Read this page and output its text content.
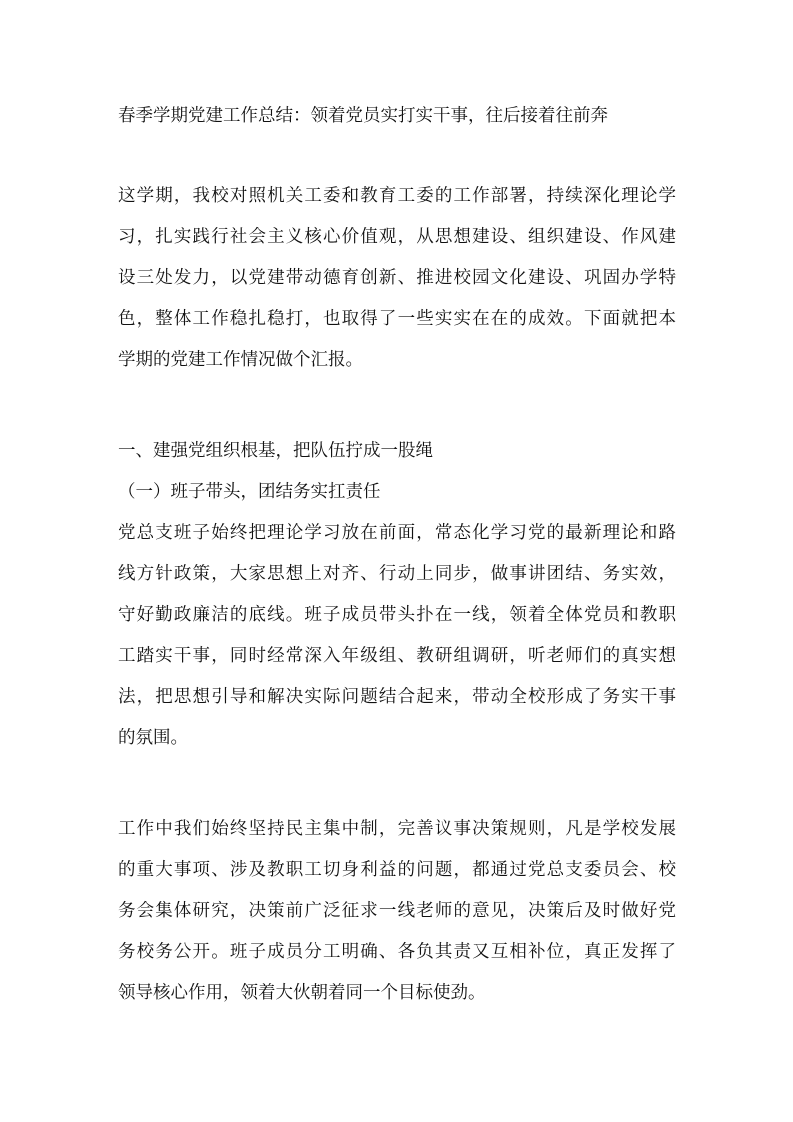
春季学期党建工作总结：领着党员实打实干事，往后接着往前奔

这学期，我校对照机关工委和教育工委的工作部署，持续深化理论学

习，扎实践行社会主义核心价值观，从思想建设、组织建设、作风建

设三处发力，以党建带动德育创新、推进校园文化建设、巩固办学特

色，整体工作稳扎稳打，也取得了一些实实在在的成效。下面就把本

学期的党建工作情况做个汇报。

一、建强党组织根基，把队伍拧成一股绳

（一）班子带头，团结务实扛责任

党总支班子始终把理论学习放在前面，常态化学习党的最新理论和路

线方针政策，大家思想上对齐、行动上同步，做事讲团结、务实效，

守好勤政廉洁的底线。班子成员带头扑在一线，领着全体党员和教职

工踏实干事，同时经常深入年级组、教研组调研，听老师们的真实想

法，把思想引导和解决实际问题结合起来，带动全校形成了务实干事

的氛围。

工作中我们始终坚持民主集中制，完善议事决策规则，凡是学校发展

的重大事项、涉及教职工切身利益的问题，都通过党总支委员会、校

务会集体研究，决策前广泛征求一线老师的意见，决策后及时做好党

务校务公开。班子成员分工明确、各负其责又互相补位，真正发挥了

领导核心作用，领着大伙朝着同一个目标使劲。
